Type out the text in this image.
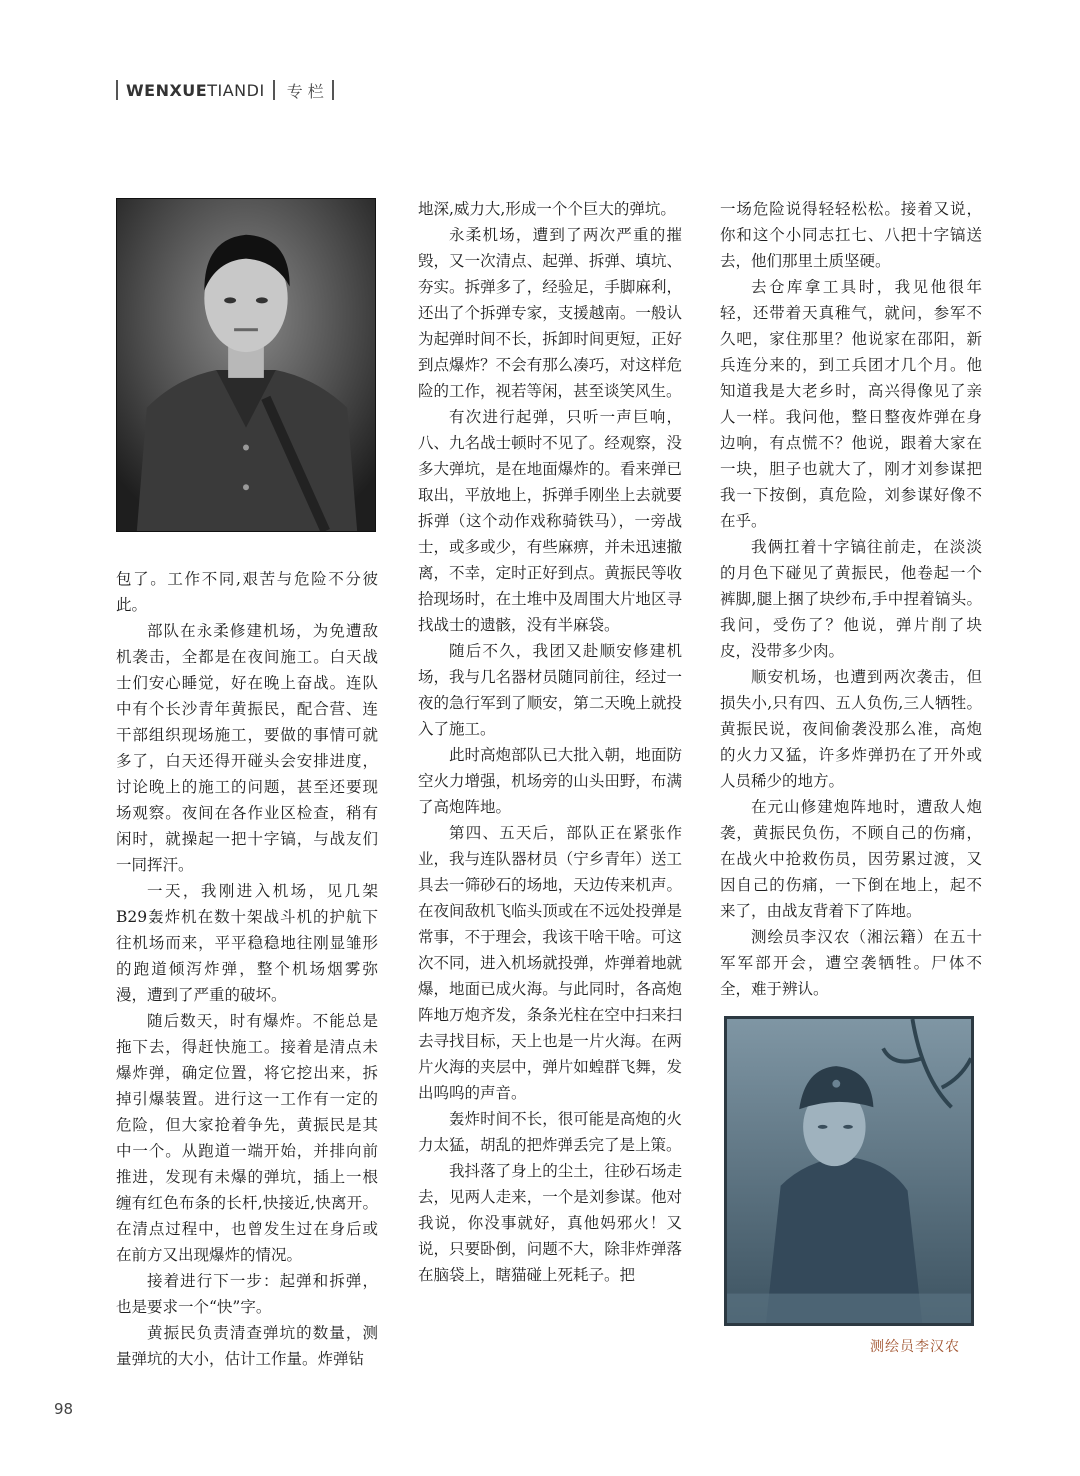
WENXUETIANDI 专 栏

包了。工作不同,艰苦与危险不分彼此。

部队在永柔修建机场，为免遭敌机袭击，全都是在夜间施工。白天战士们安心睡觉，好在晚上奋战。连队中有个长沙青年黄振民，配合营、连干部组织现场施工，要做的事情可就多了，白天还得开碰头会安排进度，讨论晚上的施工的问题，甚至还要现场观察。夜间在各作业区检查，稍有闲时，就操起一把十字镐，与战友们一同挥汗。

一天，我刚进入机场，见几架B29轰炸机在数十架战斗机的护航下往机场而来，平平稳稳地往刚显雏形的跑道倾泻炸弹，整个机场烟雾弥漫，遭到了严重的破坏。

随后数天，时有爆炸。不能总是拖下去，得赶快施工。接着是清点未爆炸弹，确定位置，将它挖出来，拆掉引爆装置。进行这一工作有一定的危险，但大家抢着争先，黄振民是其中一个。从跑道一端开始，并排向前推进，发现有未爆的弹坑，插上一根缠有红色布条的长杆,快接近,快离开。在清点过程中，也曾发生过在身后或在前方又出现爆炸的情况。

接着进行下一步：起弹和拆弹，也是要求一个“快”字。

黄振民负责清查弹坑的数量，测量弹坑的大小，估计工作量。炸弹钻

地深,威力大,形成一个个巨大的弹坑。

永柔机场，遭到了两次严重的摧毁，又一次清点、起弹、拆弹、填坑、夯实。拆弹多了，经验足，手脚麻利，还出了个拆弹专家，支援越南。一般认为起弹时间不长，拆卸时间更短，正好到点爆炸？不会有那么凑巧，对这样危险的工作，视若等闲，甚至谈笑风生。

有次进行起弹，只听一声巨响，八、九名战士顿时不见了。经观察，没多大弹坑，是在地面爆炸的。看来弹已取出，平放地上，拆弹手刚坐上去就要拆弹（这个动作戏称骑铁马），一旁战士，或多或少，有些麻痹，并未迅速撤离，不幸，定时正好到点。黄振民等收拾现场时，在土堆中及周围大片地区寻找战士的遗骸，没有半麻袋。

随后不久，我团又赴顺安修建机场，我与几名器材员随同前往，经过一夜的急行军到了顺安，第二天晚上就投入了施工。

此时高炮部队已大批入朝，地面防空火力增强，机场旁的山头田野，布满了高炮阵地。

第四、五天后，部队正在紧张作业，我与连队器材员（宁乡青年）送工具去一筛砂石的场地，天边传来机声。在夜间敌机飞临头顶或在不远处投弹是常事，不于理会，我该干啥干啥。可这次不同，进入机场就投弹，炸弹着地就爆，地面已成火海。与此同时，各高炮阵地万炮齐发，条条光柱在空中扫来扫去寻找目标，天上也是一片火海。在两片火海的夹层中，弹片如蝗群飞舞，发出呜呜的声音。

轰炸时间不长，很可能是高炮的火力太猛，胡乱的把炸弹丢完了是上策。

我抖落了身上的尘土，往砂石场走去，见两人走来，一个是刘参谋。他对我说，你没事就好，真他妈邪火！又说，只要卧倒，问题不大，除非炸弹落在脑袋上，瞎猫碰上死耗子。把

一场危险说得轻轻松松。接着又说，你和这个小同志扛七、八把十字镐送去，他们那里土质坚硬。

去仓库拿工具时，我见他很年轻，还带着天真稚气，就问，参军不久吧，家住那里？他说家在邵阳，新兵连分来的，到工兵团才几个月。他知道我是大老乡时，高兴得像见了亲人一样。我问他，整日整夜炸弹在身边响，有点慌不？他说，跟着大家在一块，胆子也就大了，刚才刘参谋把我一下按倒，真危险，刘参谋好像不在乎。

我俩扛着十字镐往前走，在淡淡的月色下碰见了黄振民，他卷起一个裤脚,腿上捆了块纱布,手中捏着镐头。我问，受伤了？他说，弹片削了块皮，没带多少肉。

顺安机场，也遭到两次袭击，但损失小,只有四、五人负伤,三人牺牲。黄振民说，夜间偷袭没那么准，高炮的火力又猛，许多炸弹扔在了开外或人员稀少的地方。

在元山修建炮阵地时，遭敌人炮袭，黄振民负伤，不顾自己的伤痛，在战火中抢救伤员，因劳累过渡，又因自己的伤痛，一下倒在地上，起不来了，由战友背着下了阵地。

测绘员李汉农（湘沄籍）在五十军军部开会，遭空袭牺牲。尸体不全，难于辨认。

测绘员李汉农
98
